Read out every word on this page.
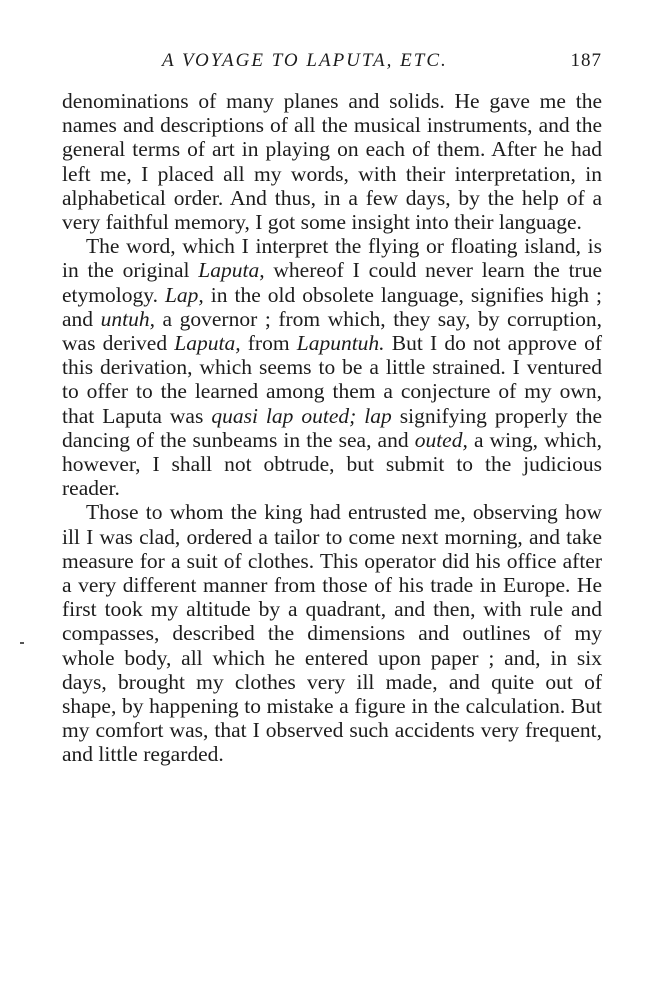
A VOYAGE TO LAPUTA, ETC.	187

denominations of many planes and solids. He gave me the names and descriptions of all the musical instruments, and the general terms of art in playing on each of them. After he had left me, I placed all my words, with their interpretation, in alphabetical order. And thus, in a few days, by the help of a very faithful memory, I got some insight into their language.

The word, which I interpret the flying or floating island, is in the original Laputa, whereof I could never learn the true etymology. Lap, in the old obsolete language, signifies high ; and untuh, a governor ; from which, they say, by corruption, was derived Laputa, from Lapuntuh. But I do not approve of this derivation, which seems to be a little strained. I ventured to offer to the learned among them a conjecture of my own, that Laputa was quasi lap outed; lap signifying properly the dancing of the sunbeams in the sea, and outed, a wing, which, however, I shall not obtrude, but submit to the judicious reader.

Those to whom the king had entrusted me, observing how ill I was clad, ordered a tailor to come next morning, and take measure for a suit of clothes. This operator did his office after a very different manner from those of his trade in Europe. He first took my altitude by a quadrant, and then, with rule and compasses, described the dimensions and outlines of my whole body, all which he entered upon paper ; and, in six days, brought my clothes very ill made, and quite out of shape, by happening to mistake a figure in the calculation. But my comfort was, that I observed such accidents very frequent, and little regarded.
